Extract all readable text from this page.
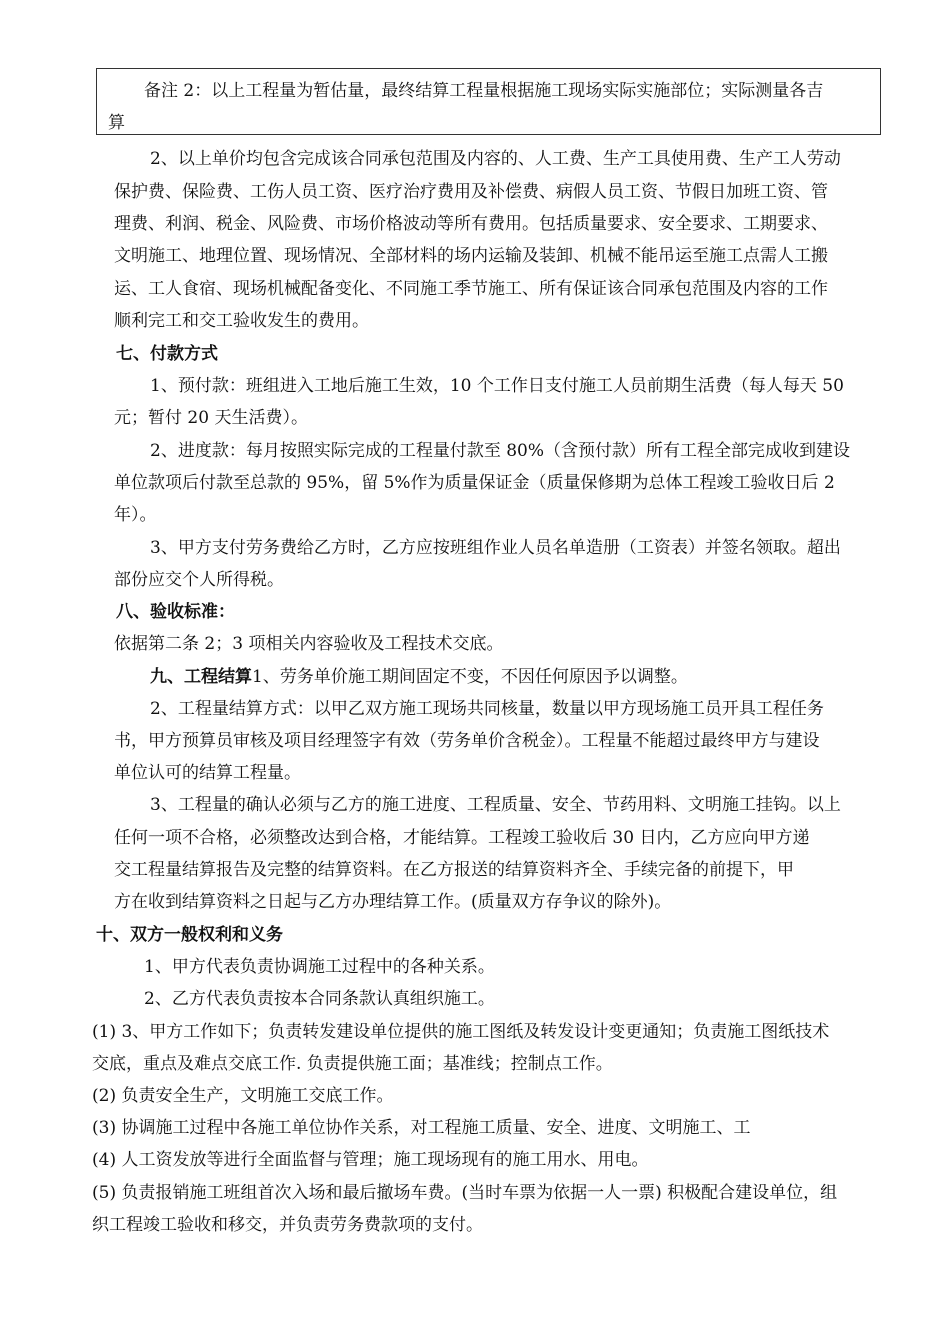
备注 2：以上工程量为暂估量，最终结算工程量根据施工现场实际实施部位；实际测量各吉
算
2、以上单价均包含完成该合同承包范围及内容的、人工费、生产工具使用费、生产工人劳动
保护费、保险费、工伤人员工资、医疗治疗费用及补偿费、病假人员工资、节假日加班工资、管
理费、利润、税金、风险费、市场价格波动等所有费用。包括质量要求、安全要求、工期要求、
文明施工、地理位置、现场情况、全部材料的场内运输及装卸、机械不能吊运至施工点需人工搬
运、工人食宿、现场机械配备变化、不同施工季节施工、所有保证该合同承包范围及内容的工作
顺利完工和交工验收发生的费用。
七、付款方式
1、预付款：班组进入工地后施工生效，10 个工作日支付施工人员前期生活费（每人每天 50
元；暂付 20 天生活费）。
2、进度款：每月按照实际完成的工程量付款至 80%（含预付款）所有工程全部完成收到建设
单位款项后付款至总款的 95%，留 5%作为质量保证金（质量保修期为总体工程竣工验收日后 2
年）。
3、甲方支付劳务费给乙方时，乙方应按班组作业人员名单造册（工资表）并签名领取。超出
部份应交个人所得税。
八、验收标准：
依据第二条 2；3 项相关内容验收及工程技术交底。
九、工程结算1、劳务单价施工期间固定不变，不因任何原因予以调整。
2、工程量结算方式：以甲乙双方施工现场共同核量，数量以甲方现场施工员开具工程任务
书，甲方预算员审核及项目经理签字有效（劳务单价含税金）。工程量不能超过最终甲方与建设
单位认可的结算工程量。
3、工程量的确认必须与乙方的施工进度、工程质量、安全、节药用料、文明施工挂钩。以上
任何一项不合格，必须整改达到合格，才能结算。工程竣工验收后 30 日内，乙方应向甲方递
交工程量结算报告及完整的结算资料。在乙方报送的结算资料齐全、手续完备的前提下，甲
方在收到结算资料之日起与乙方办理结算工作。(质量双方存争议的除外)。
十、双方一般权利和义务
1、甲方代表负责协调施工过程中的各种关系。
2、乙方代表负责按本合同条款认真组织施工。
(1) 3、甲方工作如下；负责转发建设单位提供的施工图纸及转发设计变更通知；负责施工图纸技术
交底，重点及难点交底工作. 负责提供施工面；基准线；控制点工作。
(2) 负责安全生产，文明施工交底工作。
(3) 协调施工过程中各施工单位协作关系，对工程施工质量、安全、进度、文明施工、工
(4) 人工资发放等进行全面监督与管理；施工现场现有的施工用水、用电。
(5) 负责报销施工班组首次入场和最后撤场车费。(当时车票为依据一人一票) 积极配合建设单位，组
织工程竣工验收和移交，并负责劳务费款项的支付。
